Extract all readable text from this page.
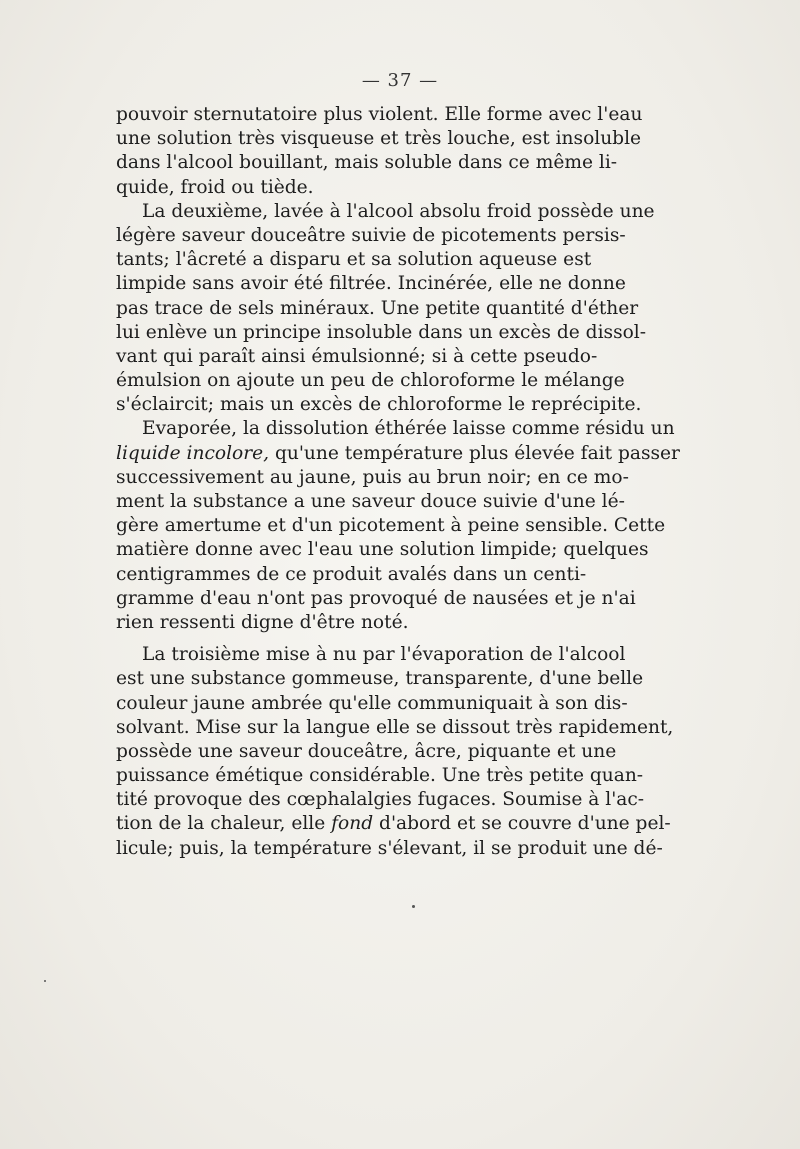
— 37 —
pouvoir sternutatoire plus violent. Elle forme avec l'eau
une solution très visqueuse et très louche, est insoluble
dans l'alcool bouillant, mais soluble dans ce même li-
quide, froid ou tiède.
La deuxième, lavée à l'alcool absolu froid possède une
légère saveur douceâtre suivie de picotements persis-
tants; l'âcreté a disparu et sa solution aqueuse est
limpide sans avoir été filtrée. Incinérée, elle ne donne
pas trace de sels minéraux. Une petite quantité d'éther
lui enlève un principe insoluble dans un excès de dissol-
vant qui paraît ainsi émulsionné; si à cette pseudo-
émulsion on ajoute un peu de chloroforme le mélange
s'éclaircit; mais un excès de chloroforme le reprécipite.
Evaporée, la dissolution éthérée laisse comme résidu un
liquide incolore, qu'une température plus élevée fait passer
successivement au jaune, puis au brun noir; en ce mo-
ment la substance a une saveur douce suivie d'une lé-
gère amertume et d'un picotement à peine sensible. Cette
matière donne avec l'eau une solution limpide; quelques
centigrammes de ce produit avalés dans un centi-
gramme d'eau n'ont pas provoqué de nausées et je n'ai
rien ressenti digne d'être noté.
La troisième mise à nu par l'évaporation de l'alcool
est une substance gommeuse, transparente, d'une belle
couleur jaune ambrée qu'elle communiquait à son dis-
solvant. Mise sur la langue elle se dissout très rapidement,
possède une saveur douceâtre, âcre, piquante et une
puissance émétique considérable. Une très petite quan-
tité provoque des cœphalalgies fugaces. Soumise à l'ac-
tion de la chaleur, elle fond d'abord et se couvre d'une pel-
licule; puis, la température s'élevant, il se produit une dé-
